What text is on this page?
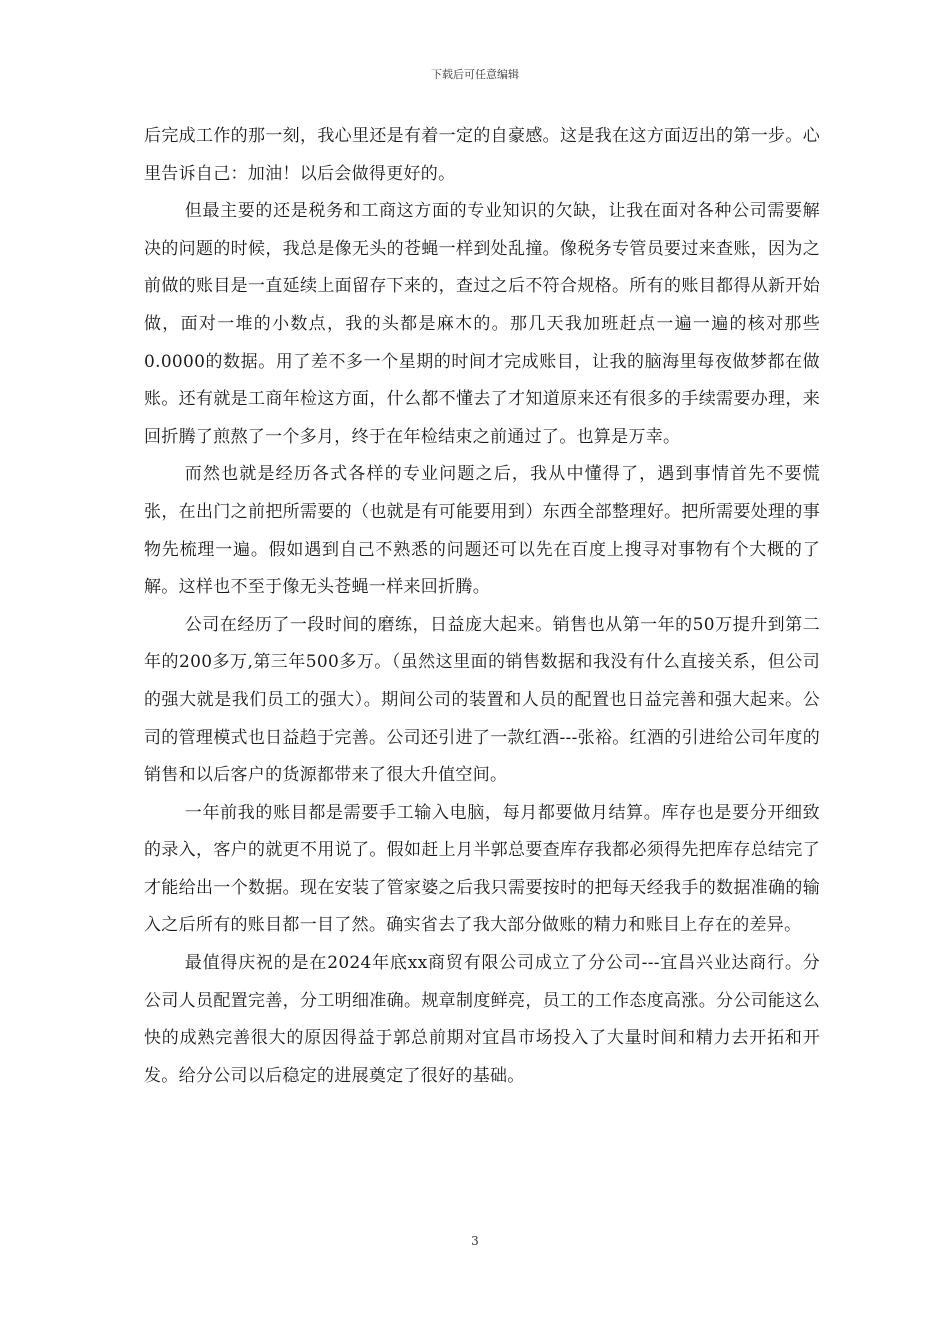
下载后可任意编辑

后完成工作的那一刻，我心里还是有着一定的自豪感。这是我在这方面迈出的第一步。心里告诉自己：加油！以后会做得更好的。

但最主要的还是税务和工商这方面的专业知识的欠缺，让我在面对各种公司需要解决的问题的时候，我总是像无头的苍蝇一样到处乱撞。像税务专管员要过来查账，因为之前做的账目是一直延续上面留存下来的，查过之后不符合规格。所有的账目都得从新开始做，面对一堆的小数点，我的头都是麻木的。那几天我加班赶点一遍一遍的核对那些0.0000的数据。用了差不多一个星期的时间才完成账目，让我的脑海里每夜做梦都在做账。还有就是工商年检这方面，什么都不懂去了才知道原来还有很多的手续需要办理，来回折腾了煎熬了一个多月，终于在年检结束之前通过了。也算是万幸。

而然也就是经历各式各样的专业问题之后，我从中懂得了，遇到事情首先不要慌张，在出门之前把所需要的（也就是有可能要用到）东西全部整理好。把所需要处理的事物先梳理一遍。假如遇到自己不熟悉的问题还可以先在百度上搜寻对事物有个大概的了解。这样也不至于像无头苍蝇一样来回折腾。

公司在经历了一段时间的磨练，日益庞大起来。销售也从第一年的50万提升到第二年的200多万,第三年500多万。（虽然这里面的销售数据和我没有什么直接关系，但公司的强大就是我们员工的强大）。期间公司的装置和人员的配置也日益完善和强大起来。公司的管理模式也日益趋于完善。公司还引进了一款红酒---张裕。红酒的引进给公司年度的销售和以后客户的货源都带来了很大升值空间。

一年前我的账目都是需要手工输入电脑，每月都要做月结算。库存也是要分开细致的录入，客户的就更不用说了。假如赶上月半郭总要查库存我都必须得先把库存总结完了才能给出一个数据。现在安装了管家婆之后我只需要按时的把每天经我手的数据准确的输入之后所有的账目都一目了然。确实省去了我大部分做账的精力和账目上存在的差异。

最值得庆祝的是在2024年底xx商贸有限公司成立了分公司---宜昌兴业达商行。分公司人员配置完善，分工明细准确。规章制度鲜亮，员工的工作态度高涨。分公司能这么快的成熟完善很大的原因得益于郭总前期对宜昌市场投入了大量时间和精力去开拓和开发。给分公司以后稳定的进展奠定了很好的基础。

3
